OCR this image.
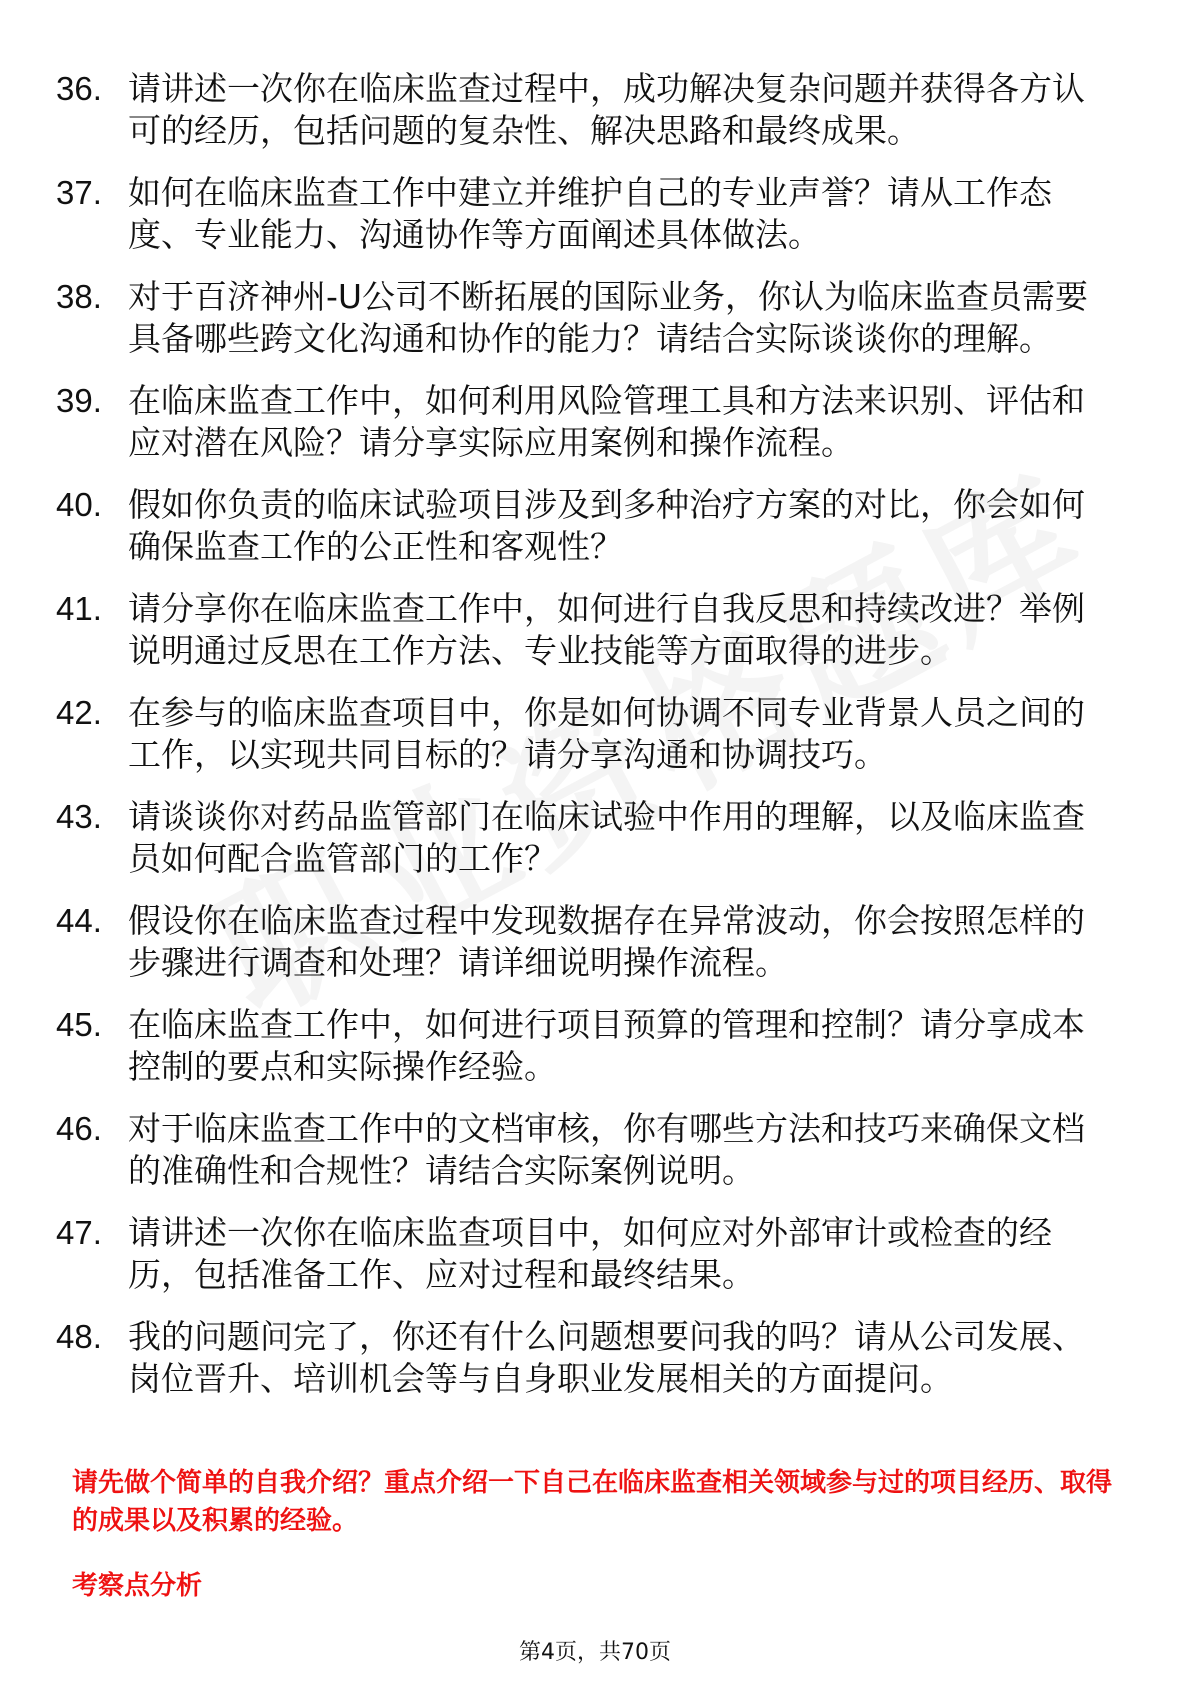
36. 请讲述一次你在临床监查过程中，成功解决复杂问题并获得各方认可的经历，包括问题的复杂性、解决思路和最终成果。
37. 如何在临床监查工作中建立并维护自己的专业声誉？请从工作态度、专业能力、沟通协作等方面阐述具体做法。
38. 对于百济神州-U公司不断拓展的国际业务，你认为临床监查员需要具备哪些跨文化沟通和协作的能力？请结合实际谈谈你的理解。
39. 在临床监查工作中，如何利用风险管理工具和方法来识别、评估和应对潜在风险？请分享实际应用案例和操作流程。
40. 假如你负责的临床试验项目涉及到多种治疗方案的对比，你会如何确保监查工作的公正性和客观性？
41. 请分享你在临床监查工作中，如何进行自我反思和持续改进？举例说明通过反思在工作方法、专业技能等方面取得的进步。
42. 在参与的临床监查项目中，你是如何协调不同专业背景人员之间的工作，以实现共同目标的？请分享沟通和协调技巧。
43. 请谈谈你对药品监管部门在临床试验中作用的理解，以及临床监查员如何配合监管部门的工作？
44. 假设你在临床监查过程中发现数据存在异常波动，你会按照怎样的步骤进行调查和处理？请详细说明操作流程。
45. 在临床监查工作中，如何进行项目预算的管理和控制？请分享成本控制的要点和实际操作经验。
46. 对于临床监查工作中的文档审核，你有哪些方法和技巧来确保文档的准确性和合规性？请结合实际案例说明。
47. 请讲述一次你在临床监查项目中，如何应对外部审计或检查的经历，包括准备工作、应对过程和最终结果。
48. 我的问题问完了，你还有什么问题想要问我的吗？请从公司发展、岗位晋升、培训机会等与自身职业发展相关的方面提问。

请先做个简单的自我介绍？重点介绍一下自己在临床监查相关领域参与过的项目经历、取得的成果以及积累的经验。

考察点分析
第4页，共70页
